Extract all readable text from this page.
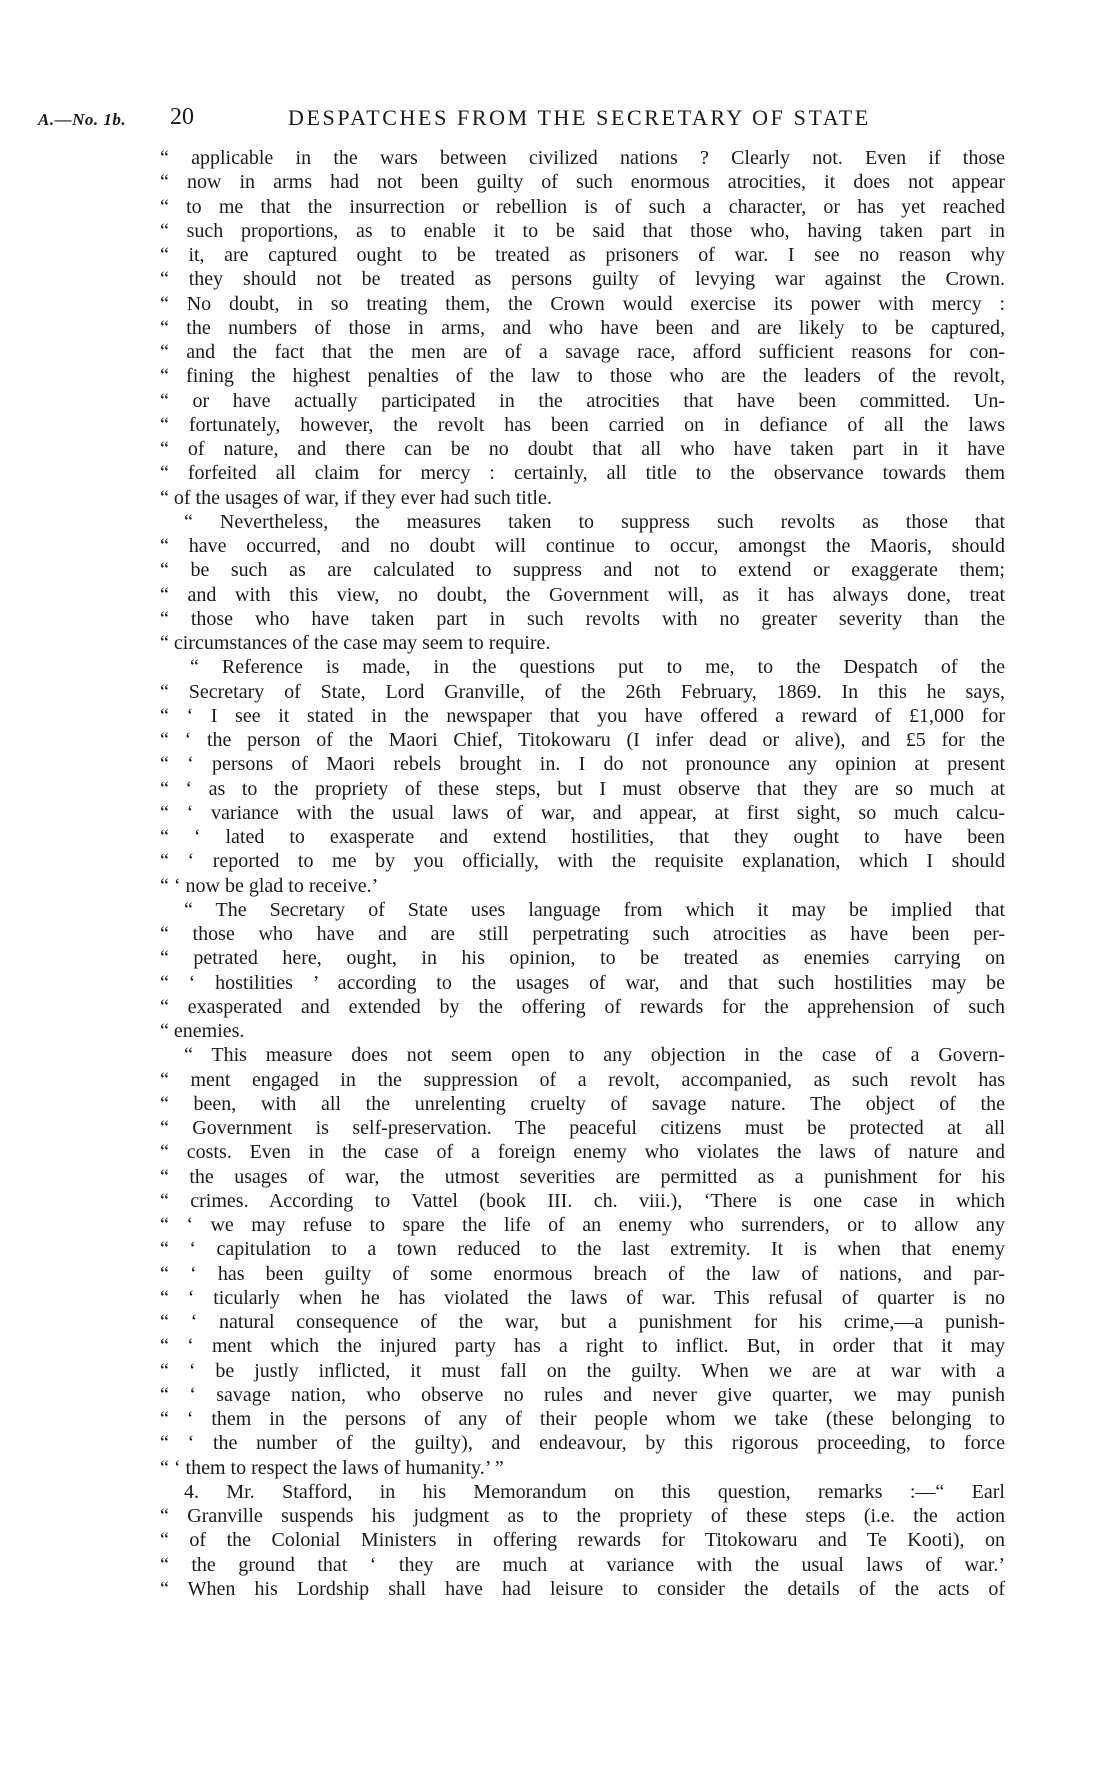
A.—No. 1b. 20	DESPATCHES FROM THE SECRETARY OF STATE
“ applicable in the wars between civilized nations ? Clearly not. Even if those
“ now in arms had not been guilty of such enormous atrocities, it does not appear
“ to me that the insurrection or rebellion is of such a character, or has yet reached
“ such proportions, as to enable it to be said that those who, having taken part in
“ it, are captured ought to be treated as prisoners of war. I see no reason why
“ they should not be treated as persons guilty of levying war against the Crown.
“ No doubt, in so treating them, the Crown would exercise its power with mercy :
“ the numbers of those in arms, and who have been and are likely to be captured,
“ and the fact that the men are of a savage race, afford sufficient reasons for con-
“ fining the highest penalties of the law to those who are the leaders of the revolt,
“ or have actually participated in the atrocities that have been committed. Un-
“ fortunately, however, the revolt has been carried on in defiance of all the laws
“ of nature, and there can be no doubt that all who have taken part in it have
“ forfeited all claim for mercy : certainly, all title to the observance towards them
“ of the usages of war, if they ever had such title.
“ Nevertheless, the measures taken to suppress such revolts as those that
“ have occurred, and no doubt will continue to occur, amongst the Maoris, should
“ be such as are calculated to suppress and not to extend or exaggerate them;
“ and with this view, no doubt, the Government will, as it has always done, treat
“ those who have taken part in such revolts with no greater severity than the
“ circumstances of the case may seem to require.
“ Reference is made, in the questions put to me, to the Despatch of the
“ Secretary of State, Lord Granville, of the 26th February, 1869. In this he says,
“ ‘ I see it stated in the newspaper that you have offered a reward of £1,000 for
“ ‘ the person of the Maori Chief, Titokowaru (I infer dead or alive), and £5 for the
“ ‘ persons of Maori rebels brought in. I do not pronounce any opinion at present
“ ‘ as to the propriety of these steps, but I must observe that they are so much at
“ ‘ variance with the usual laws of war, and appear, at first sight, so much calcu-
“ ‘ lated to exasperate and extend hostilities, that they ought to have been
“ ‘ reported to me by you officially, with the requisite explanation, which I should
“ ‘ now be glad to receive.’
“ The Secretary of State uses language from which it may be implied that
“ those who have and are still perpetrating such atrocities as have been per-
“ petrated here, ought, in his opinion, to be treated as enemies carrying on
“ ‘ hostilities ’ according to the usages of war, and that such hostilities may be
“ exasperated and extended by the offering of rewards for the apprehension of such
“ enemies.
“ This measure does not seem open to any objection in the case of a Govern-
“ ment engaged in the suppression of a revolt, accompanied, as such revolt has
“ been, with all the unrelenting cruelty of savage nature. The object of the
“ Government is self-preservation. The peaceful citizens must be protected at all
“ costs. Even in the case of a foreign enemy who violates the laws of nature and
“ the usages of war, the utmost severities are permitted as a punishment for his
“ crimes. According to Vattel (book III. ch. viii.), ‘There is one case in which
“ ‘ we may refuse to spare the life of an enemy who surrenders, or to allow any
“ ‘ capitulation to a town reduced to the last extremity. It is when that enemy
“ ‘ has been guilty of some enormous breach of the law of nations, and par-
“ ‘ ticularly when he has violated the laws of war. This refusal of quarter is no
“ ‘ natural consequence of the war, but a punishment for his crime,—a punish-
“ ‘ ment which the injured party has a right to inflict. But, in order that it may
“ ‘ be justly inflicted, it must fall on the guilty. When we are at war with a
“ ‘ savage nation, who observe no rules and never give quarter, we may punish
“ ‘ them in the persons of any of their people whom we take (these belonging to
“ ‘ the number of the guilty), and endeavour, by this rigorous proceeding, to force
“ ‘ them to respect the laws of humanity.’ ”
4. Mr. Stafford, in his Memorandum on this question, remarks :—“ Earl
“ Granville suspends his judgment as to the propriety of these steps (i.e. the action
“ of the Colonial Ministers in offering rewards for Titokowaru and Te Kooti), on
“ the ground that ‘ they are much at variance with the usual laws of war.’
“ When his Lordship shall have had leisure to consider the details of the acts of
